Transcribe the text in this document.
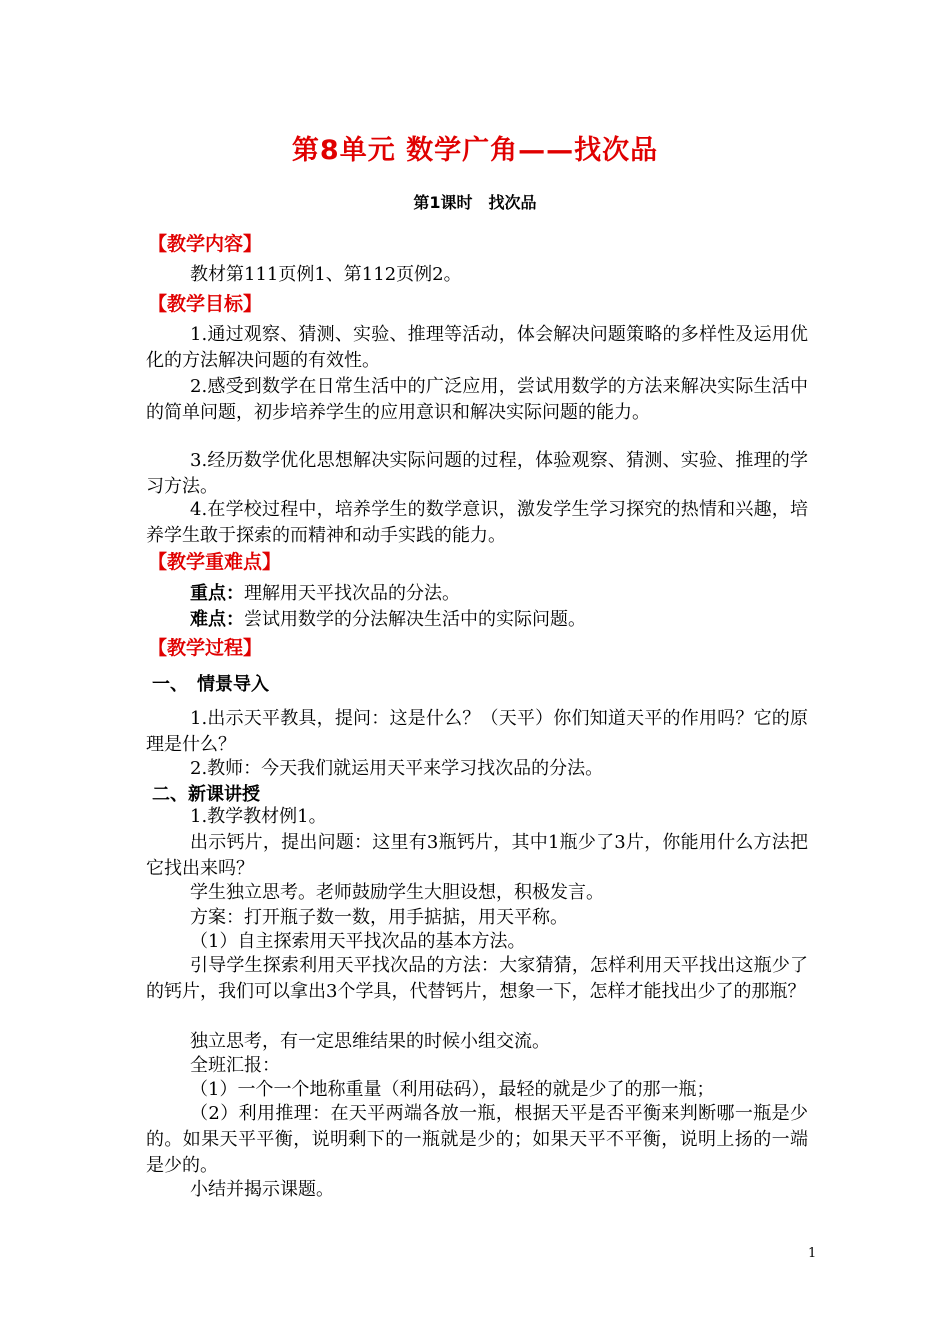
第8单元 数学广角——找次品
第1课时　找次品
【教学内容】
教材第111页例1、第112页例2。
【教学目标】
1.通过观察、猜测、实验、推理等活动，体会解决问题策略的多样性及运用优化的方法解决问题的有效性。
2.感受到数学在日常生活中的广泛应用，尝试用数学的方法来解决实际生活中的简单问题，初步培养学生的应用意识和解决实际问题的能力。
3.经历数学优化思想解决实际问题的过程，体验观察、猜测、实验、推理的学习方法。
4.在学校过程中，培养学生的数学意识，激发学生学习探究的热情和兴趣，培养学生敢于探索的而精神和动手实践的能力。
【教学重难点】
重点：理解用天平找次品的分法。
难点：尝试用数学的分法解决生活中的实际问题。
【教学过程】
一、　情景导入
1.出示天平教具，提问：这是什么？（天平）你们知道天平的作用吗？它的原理是什么？
2.教师：今天我们就运用天平来学习找次品的分法。
二、新课讲授
1.教学教材例1。
出示钙片，提出问题：这里有3瓶钙片，其中1瓶少了3片，你能用什么方法把它找出来吗？
学生独立思考。老师鼓励学生大胆设想，积极发言。
方案：打开瓶子数一数，用手掂掂，用天平称。
（1）自主探索用天平找次品的基本方法。
引导学生探索利用天平找次品的方法：大家猜猜，怎样利用天平找出这瓶少了的钙片，我们可以拿出3个学具，代替钙片，想象一下，怎样才能找出少了的那瓶？
独立思考，有一定思维结果的时候小组交流。
全班汇报：
（1）一个一个地称重量（利用砝码），最轻的就是少了的那一瓶；
（2）利用推理：在天平两端各放一瓶，根据天平是否平衡来判断哪一瓶是少的。如果天平平衡，说明剩下的一瓶就是少的；如果天平不平衡，说明上扬的一端是少的。
小结并揭示课题。
1
